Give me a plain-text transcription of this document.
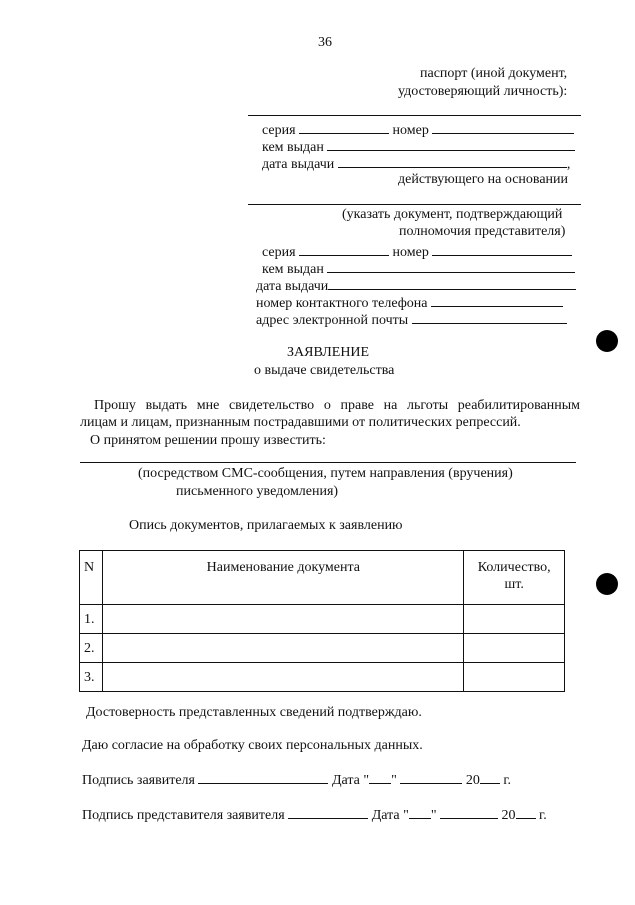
36
паспорт (иной документ,
удостоверяющий личность):
серия	номер
кем выдан
дата выдачи	,
действующего на основании
(указать документ, подтверждающий
полномочия представителя)
серия	номер
кем выдан
дата выдачи
номер контактного телефона
адрес электронной почты
ЗАЯВЛЕНИЕ
о выдаче свидетельства
Прошу выдать мне свидетельство о праве на льготы реабилитированным
лицам и лицам, признанным пострадавшими от политических репрессий.
О принятом решении прошу известить:
(посредством СМС-сообщения, путем направления (вручения)
письменного уведомления)
Опись документов, прилагаемых к заявлению
N	Наименование документа	Количество,
шт.

1.		
2.		
3.		
Достоверность представленных сведений подтверждаю.
Даю согласие на обработку своих персональных данных.
Подпись заявителя	Дата " "	20 г.
Подпись представителя заявителя	Дата " "	20 г.
